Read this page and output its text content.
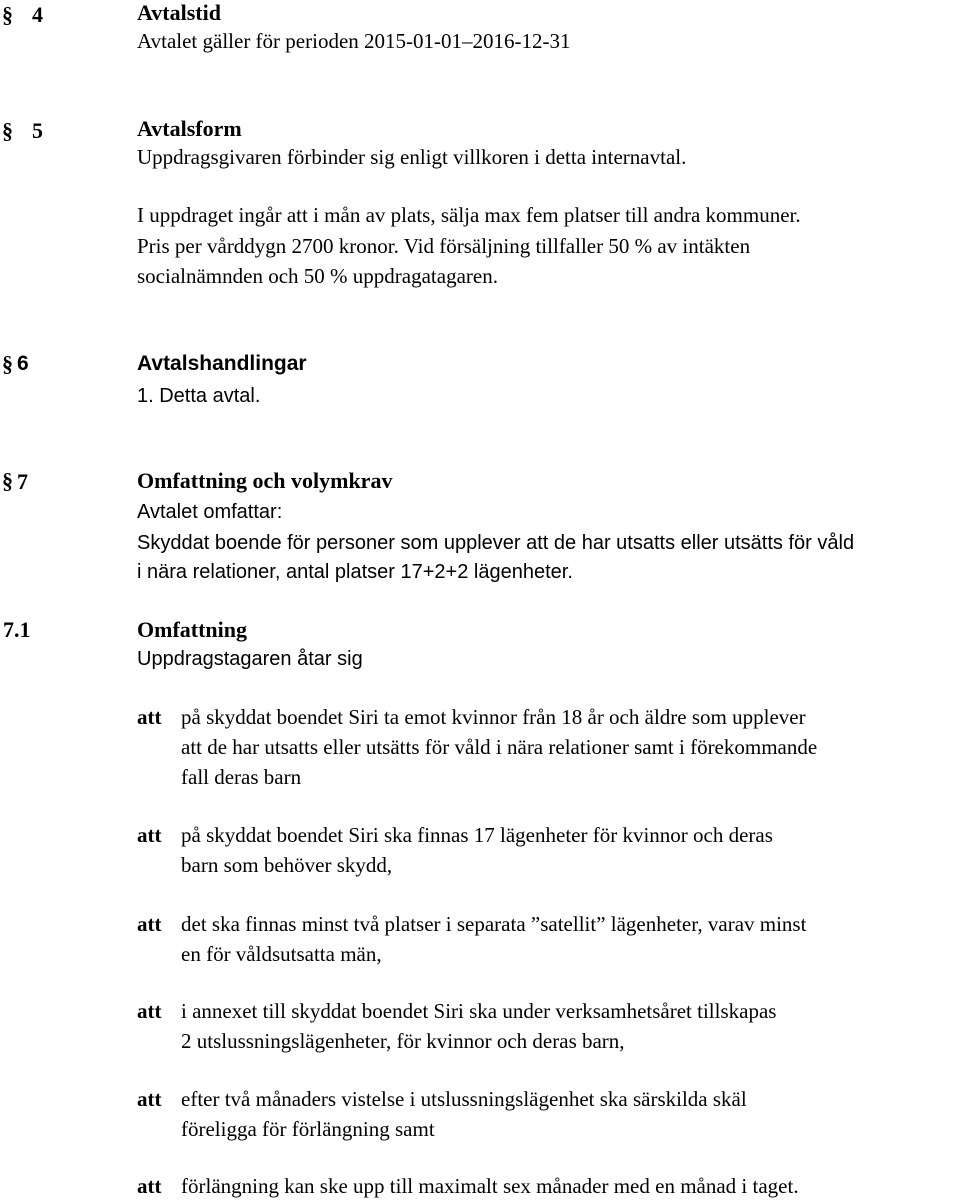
§ 4	Avtalstid
Avtalet gäller för perioden 2015-01-01–2016-12-31
§ 5	Avtalsform
Uppdragsgivaren förbinder sig enligt villkoren i detta internavtal.
I uppdraget ingår att i mån av plats, sälja max fem platser till andra kommuner.
Pris per vårddygn 2700 kronor. Vid försäljning tillfaller 50 % av intäkten
socialnämnden och 50 % uppdragatagaren.
§ 6	Avtalshandlingar
1. Detta avtal.
§ 7	Omfattning och volymkrav
Avtalet omfattar:
Skyddat boende för personer som upplever att de har utsatts eller utsätts för våld
i nära relationer, antal platser 17+2+2 lägenheter.
7.1	Omfattning
Uppdragstagaren åtar sig
att på skyddat boendet Siri ta emot kvinnor från 18 år och äldre som upplever
att de har utsatts eller utsätts för våld i nära relationer samt i förekommande
fall deras barn
att på skyddat boendet Siri ska finnas 17 lägenheter för kvinnor och deras
barn som behöver skydd,
att det ska finnas minst två platser i separata ”satellit” lägenheter, varav minst
en för våldsutsatta män,
att i annexet till skyddat boendet Siri ska under verksamhetsåret tillskapas
2 utslussningslägenheter, för kvinnor och deras barn,
att efter två månaders vistelse i utslussningslägenhet ska särskilda skäl
föreligga för förlängning samt
att förlängning kan ske upp till maximalt sex månader med en månad i taget.
